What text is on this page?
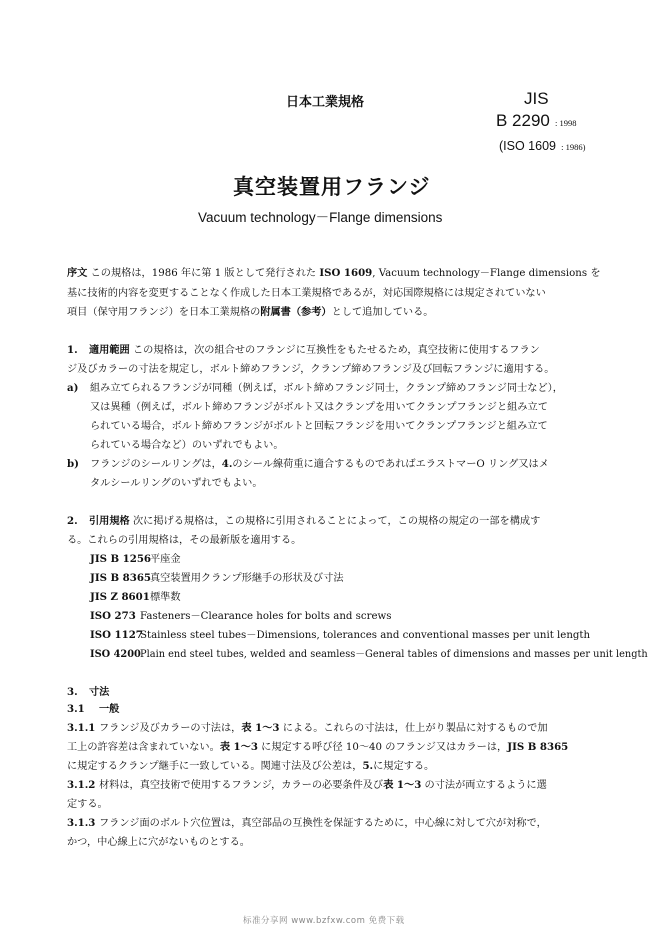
日本工業規格	JIS
B 2290 : 1998
(ISO 1609 : 1986)
真空装置用フランジ
Vacuum technology－Flange dimensions
序文 この規格は，1986 年に第 1 版として発行された ISO 1609, Vacuum technology－Flange dimensions を
基に技術的内容を変更することなく作成した日本工業規格であるが，対応国際規格には規定されていない
項目（保守用フランジ）を日本工業規格の附属書（参考）として追加している。
1. 適用範囲 この規格は，次の組合せのフランジに互換性をもたせるため，真空技術に使用するフラン
ジ及びカラーの寸法を規定し，ボルト締めフランジ，クランプ締めフランジ及び回転フランジに適用する。
a) 組み立てられるフランジが同種（例えば，ボルト締めフランジ同士，クランプ締めフランジ同士など），
又は異種（例えば，ボルト締めフランジがボルト又はクランプを用いてクランプフランジと組み立て
られている場合，ボルト締めフランジがボルトと回転フランジを用いてクランプフランジと組み立て
られている場合など）のいずれでもよい。
b) フランジのシールリングは，4.のシール線荷重に適合するものであればエラストマーO リング又はメ
タルシールリングのいずれでもよい。
2. 引用規格 次に掲げる規格は，この規格に引用されることによって，この規格の規定の一部を構成す
る。これらの引用規格は，その最新版を適用する。
JIS B 1256平座金
JIS B 8365真空装置用クランプ形継手の形状及び寸法
JIS Z 8601標準数
ISO 273 Fasteners－Clearance holes for bolts and screws
ISO 1127Stainless steel tubes－Dimensions, tolerances and conventional masses per unit length
ISO 4200Plain end steel tubes, welded and seamless－General tables of dimensions and masses per unit length
3. 寸法
3.1 一般
3.1.1 フランジ及びカラーの寸法は，表 1～3 による。これらの寸法は，仕上がり製品に対するもので加
工上の許容差は含まれていない。表 1～3 に規定する呼び径 10～40 のフランジ又はカラーは，JIS B 8365
に規定するクランプ継手に一致している。関連寸法及び公差は，5.に規定する。
3.1.2 材料は，真空技術で使用するフランジ，カラーの必要条件及び表 1～3 の寸法が両立するように選
定する。
3.1.3 フランジ面のボルト穴位置は，真空部品の互換性を保証するために，中心線に対して穴が対称で，
かつ，中心線上に穴がないものとする。
标准分享网 www.bzfxw.com 免费下载
